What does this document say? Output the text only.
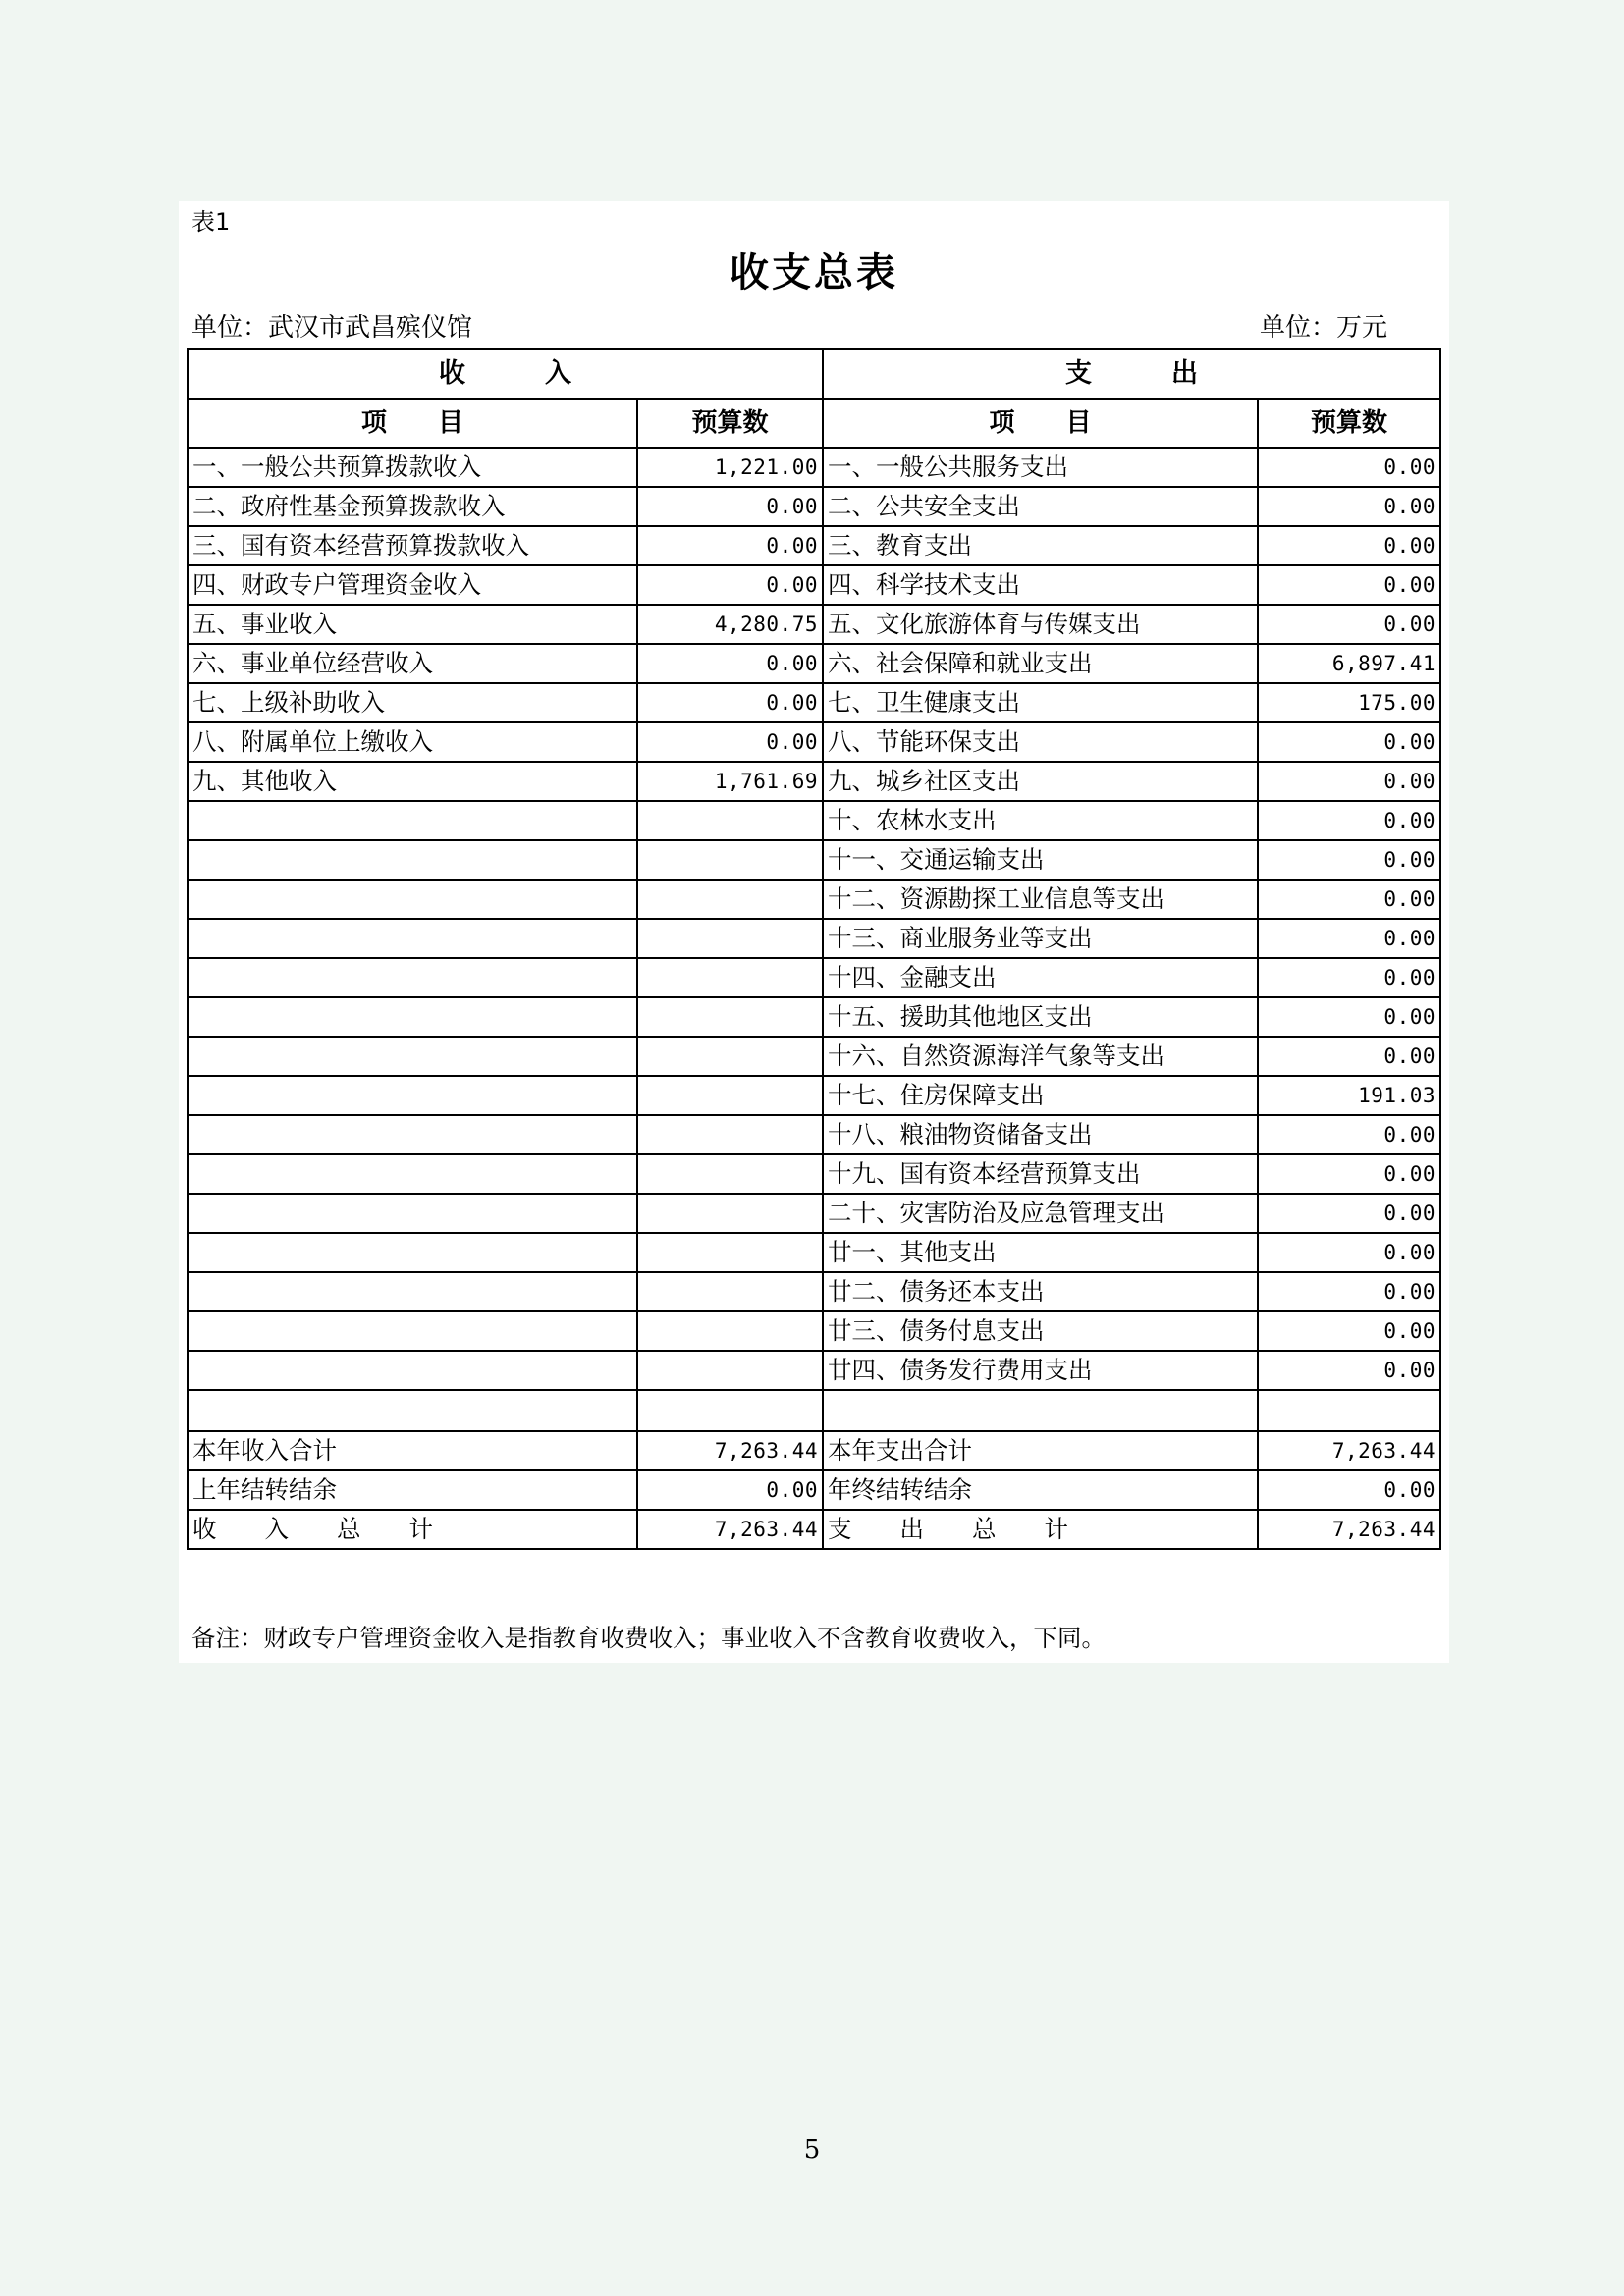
表1
收支总表
单位：武汉市武昌殡仪馆	单位：万元
收　　　入		支　　　出	
项　　目	预算数	项　　目	预算数
一、一般公共预算拨款收入	1,221.00	一、一般公共服务支出	0.00
二、政府性基金预算拨款收入	0.00	二、公共安全支出	0.00
三、国有资本经营预算拨款收入	0.00	三、教育支出	0.00
四、财政专户管理资金收入	0.00	四、科学技术支出	0.00
五、事业收入	4,280.75	五、文化旅游体育与传媒支出	0.00
六、事业单位经营收入	0.00	六、社会保障和就业支出	6,897.41
七、上级补助收入	0.00	七、卫生健康支出	175.00
八、附属单位上缴收入	0.00	八、节能环保支出	0.00
九、其他收入	1,761.69	九、城乡社区支出	0.00
		十、农林水支出	0.00
		十一、交通运输支出	0.00
		十二、资源勘探工业信息等支出	0.00
		十三、商业服务业等支出	0.00
		十四、金融支出	0.00
		十五、援助其他地区支出	0.00
		十六、自然资源海洋气象等支出	0.00
		十七、住房保障支出	191.03
		十八、粮油物资储备支出	0.00
		十九、国有资本经营预算支出	0.00
		二十、灾害防治及应急管理支出	0.00
		廿一、其他支出	0.00
		廿二、债务还本支出	0.00
		廿三、债务付息支出	0.00
		廿四、债务发行费用支出	0.00

本年收入合计	7,263.44	本年支出合计	7,263.44
上年结转结余	0.00	年终结转结余	0.00
收　　入　　总　　计	7,263.44	支　　出　　总　　计	7,263.44
备注：财政专户管理资金收入是指教育收费收入；事业收入不含教育收费收入，下同。
5
